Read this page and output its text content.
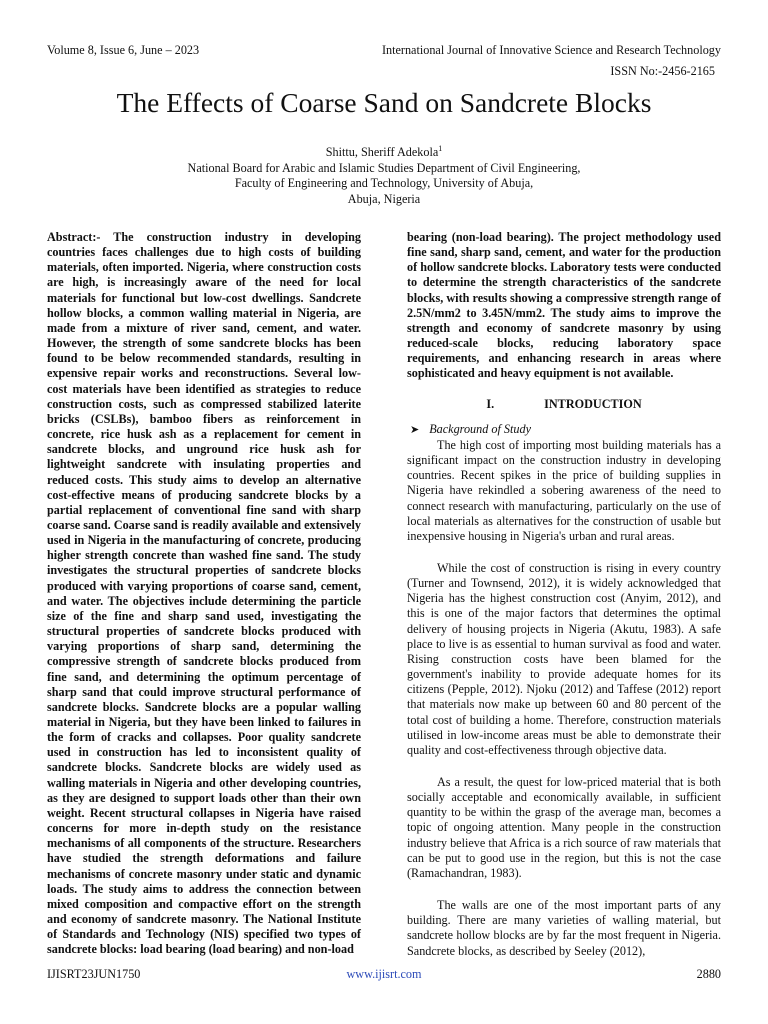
Volume 8, Issue 6, June – 2023	International Journal of Innovative Science and Research Technology
ISSN No:-2456-2165
The Effects of Coarse Sand on Sandcrete Blocks
Shittu, Sheriff Adekola$^1$
National Board for Arabic and Islamic Studies Department of Civil Engineering,
Faculty of Engineering and Technology, University of Abuja,
Abuja, Nigeria

Abstract:- The construction industry in developing countries faces challenges due to high costs of building materials, often imported. Nigeria, where construction costs are high, is increasingly aware of the need for local materials for functional but low-cost dwellings. Sandcrete hollow blocks, a common walling material in Nigeria, are made from a mixture of river sand, cement, and water. However, the strength of some sandcrete blocks has been found to be below recommended standards, resulting in expensive repair works and reconstructions. Several low-cost materials have been identified as strategies to reduce construction costs, such as compressed stabilized laterite bricks (CSLBs), bamboo fibers as reinforcement in concrete, rice husk ash as a replacement for cement in sandcrete blocks, and unground rice husk ash for lightweight sandcrete with insulating properties and reduced costs. This study aims to develop an alternative cost-effective means of producing sandcrete blocks by a partial replacement of conventional fine sand with sharp coarse sand. Coarse sand is readily available and extensively used in Nigeria in the manufacturing of concrete, producing higher strength concrete than washed fine sand. The study investigates the structural properties of sandcrete blocks produced with varying proportions of coarse sand, cement, and water. The objectives include determining the particle size of the fine and sharp sand used, investigating the structural properties of sandcrete blocks produced with varying proportions of sharp sand, determining the compressive strength of sandcrete blocks produced from fine sand, and determining the optimum percentage of sharp sand that could improve structural performance of sandcrete blocks. Sandcrete blocks are a popular walling material in Nigeria, but they have been linked to failures in the form of cracks and collapses. Poor quality sandcrete used in construction has led to inconsistent quality of sandcrete blocks. Sandcrete blocks are widely used as walling materials in Nigeria and other developing countries, as they are designed to support loads other than their own weight. Recent structural collapses in Nigeria have raised concerns for more in-depth study on the resistance mechanisms of all components of the structure. Researchers have studied the strength deformations and failure mechanisms of concrete masonry under static and dynamic loads. The study aims to address the connection between mixed composition and compactive effort on the strength and economy of sandcrete masonry. The National Institute of Standards and Technology (NIS) specified two types of sandcrete blocks: load bearing (load bearing) and non-load

bearing (non-load bearing). The project methodology used fine sand, sharp sand, cement, and water for the production of hollow sandcrete blocks. Laboratory tests were conducted to determine the strength characteristics of the sandcrete blocks, with results showing a compressive strength range of 2.5N/mm2 to 3.45N/mm2. The study aims to improve the strength and economy of sandcrete masonry by using reduced-scale blocks, reducing laboratory space requirements, and enhancing research in areas where sophisticated and heavy equipment is not available.

I.	INTRODUCTION
➤ Background of Study

The high cost of importing most building materials has a significant impact on the construction industry in developing countries. Recent spikes in the price of building supplies in Nigeria have rekindled a sobering awareness of the need to connect research with manufacturing, particularly on the use of local materials as alternatives for the construction of usable but inexpensive housing in Nigeria's urban and rural areas.

While the cost of construction is rising in every country (Turner and Townsend, 2012), it is widely acknowledged that Nigeria has the highest construction cost (Anyim, 2012), and this is one of the major factors that determines the optimal delivery of housing projects in Nigeria (Akutu, 1983). A safe place to live is as essential to human survival as food and water. Rising construction costs have been blamed for the government's inability to provide adequate homes for its citizens (Pepple, 2012). Njoku (2012) and Taffese (2012) report that materials now make up between 60 and 80 percent of the total cost of building a home. Therefore, construction materials utilised in low-income areas must be able to demonstrate their quality and cost-effectiveness through objective data.

As a result, the quest for low-priced material that is both socially acceptable and economically available, in sufficient quantity to be within the grasp of the average man, becomes a topic of ongoing attention. Many people in the construction industry believe that Africa is a rich source of raw materials that can be put to good use in the region, but this is not the case (Ramachandran, 1983).

The walls are one of the most important parts of any building. There are many varieties of walling material, but sandcrete hollow blocks are by far the most frequent in Nigeria. Sandcrete blocks, as described by Seeley (2012),

IJISRT23JUN1750	www.ijisrt.com	2880
